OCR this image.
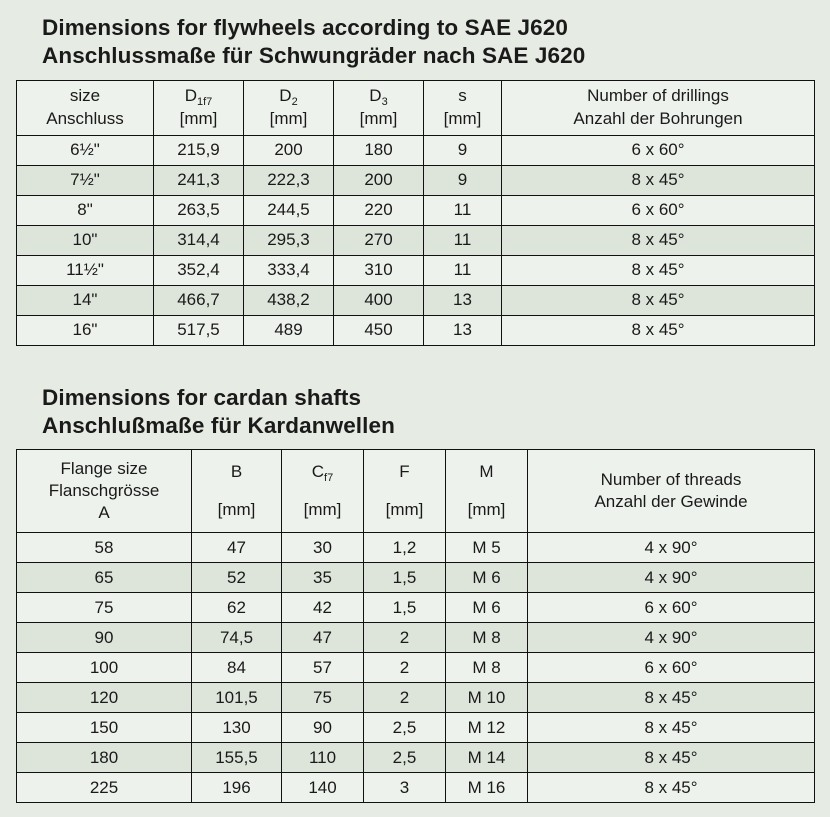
Dimensions for flywheels according to SAE J620
Anschlussmaße für Schwungräder nach SAE J620
size
Anschluss

$D_{1f7}$
[mm]

$D_2$
[mm]

$D_3$
[mm]

s
[mm]

Number of drillings
Anzahl der Bohrungen

6½"	215,9	200	180	9	6 x 60°
7½"	241,3	222,3	200	9	8 x 45°
8"	263,5	244,5	220	11	6 x 60°
10"	314,4	295,3	270	11	8 x 45°
11½"	352,4	333,4	310	11	8 x 45°
14"	466,7	438,2	400	13	8 x 45°
16"	517,5	489	450	13	8 x 45°
Dimensions for cardan shafts
Anschlußmaße für Kardanwellen
Flange size
Flanschgrösse
A

B
[mm]

$C_{f7}$
[mm]

F
[mm]

M
[mm]

Number of threads
Anzahl der Gewinde

58	47	30	1,2	M 5	4 x 90°
65	52	35	1,5	M 6	4 x 90°
75	62	42	1,5	M 6	6 x 60°
90	74,5	47	2	M 8	4 x 90°
100	84	57	2	M 8	6 x 60°
120	101,5	75	2	M 10	8 x 45°
150	130	90	2,5	M 12	8 x 45°
180	155,5	110	2,5	M 14	8 x 45°
225	196	140	3	M 16	8 x 45°
